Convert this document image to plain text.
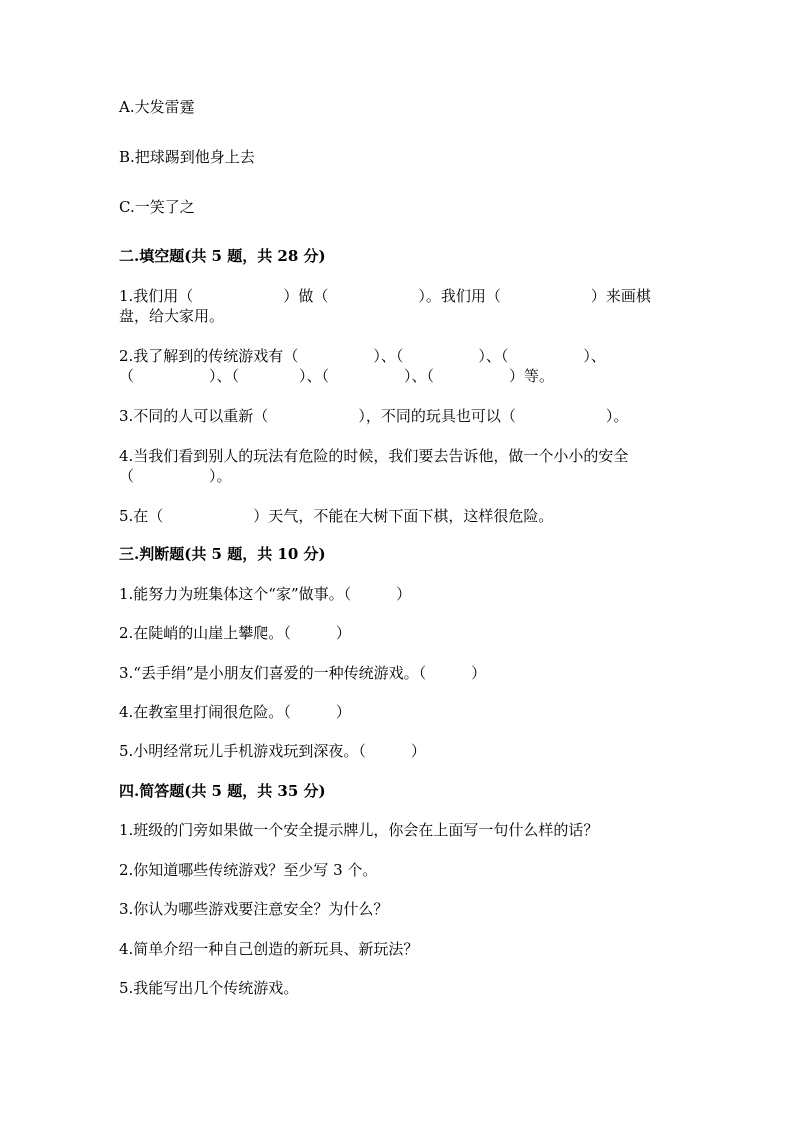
A.大发雷霆
B.把球踢到他身上去
C.一笑了之
二.填空题(共 5 题，共 28 分)
1.我们用（　　　　　　）做（　　　　　　）。我们用（　　　　　　）来画棋
盘，给大家用。
2.我了解到的传统游戏有（　　　　　）、（　　　　　）、（　　　　　）、
（　　　　　）、（　　　　）、（　　　　　）、（　　　　　）等。
3.不同的人可以重新（　　　　　　），不同的玩具也可以（　　　　　　）。
4.当我们看到别人的玩法有危险的时候，我们要去告诉他，做一个小小的安全
（　　　　　）。
5.在（　　　　　　）天气，不能在大树下面下棋，这样很危险。
三.判断题(共 5 题，共 10 分)
1.能努力为班集体这个“家”做事。（　　　）
2.在陡峭的山崖上攀爬。（　　　）
3.“丢手绢”是小朋友们喜爱的一种传统游戏。（　　　）
4.在教室里打闹很危险。（　　　）
5.小明经常玩儿手机游戏玩到深夜。（　　　）
四.简答题(共 5 题，共 35 分)
1.班级的门旁如果做一个安全提示牌儿，你会在上面写一句什么样的话？
2.你知道哪些传统游戏？至少写 3 个。
3.你认为哪些游戏要注意安全？为什么？
4.简单介绍一种自己创造的新玩具、新玩法？
5.我能写出几个传统游戏。
